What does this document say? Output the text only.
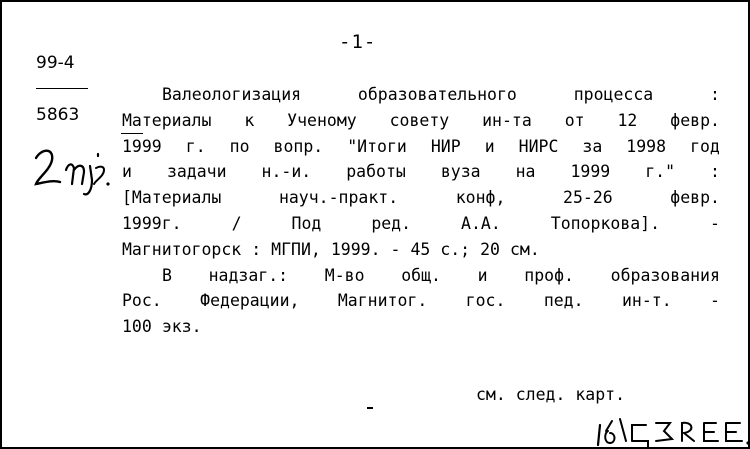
-1-
99-4
5863
Валеологизация	образовательного	процесса	:
Материалы к Ученому совету ин-та от 12 февр.
1999 г. по вопр. "Итоги НИР и НИРС за 1998 год
и задачи н.-и. работы вуза на 1999 г." :
[Материалы	науч.-практ.	конф,	25-26	февр.
1999г.	/	Под	ред.	А.А.	Топоркова].	-
Магнитогорск : МГПИ, 1999. - 45 с.; 20 см.
В надзаг.: М-во общ. и проф. образования
Рос. Федерации, Магнитог. гос. пед. ин-т. -
100 экз.
см. след. карт.
